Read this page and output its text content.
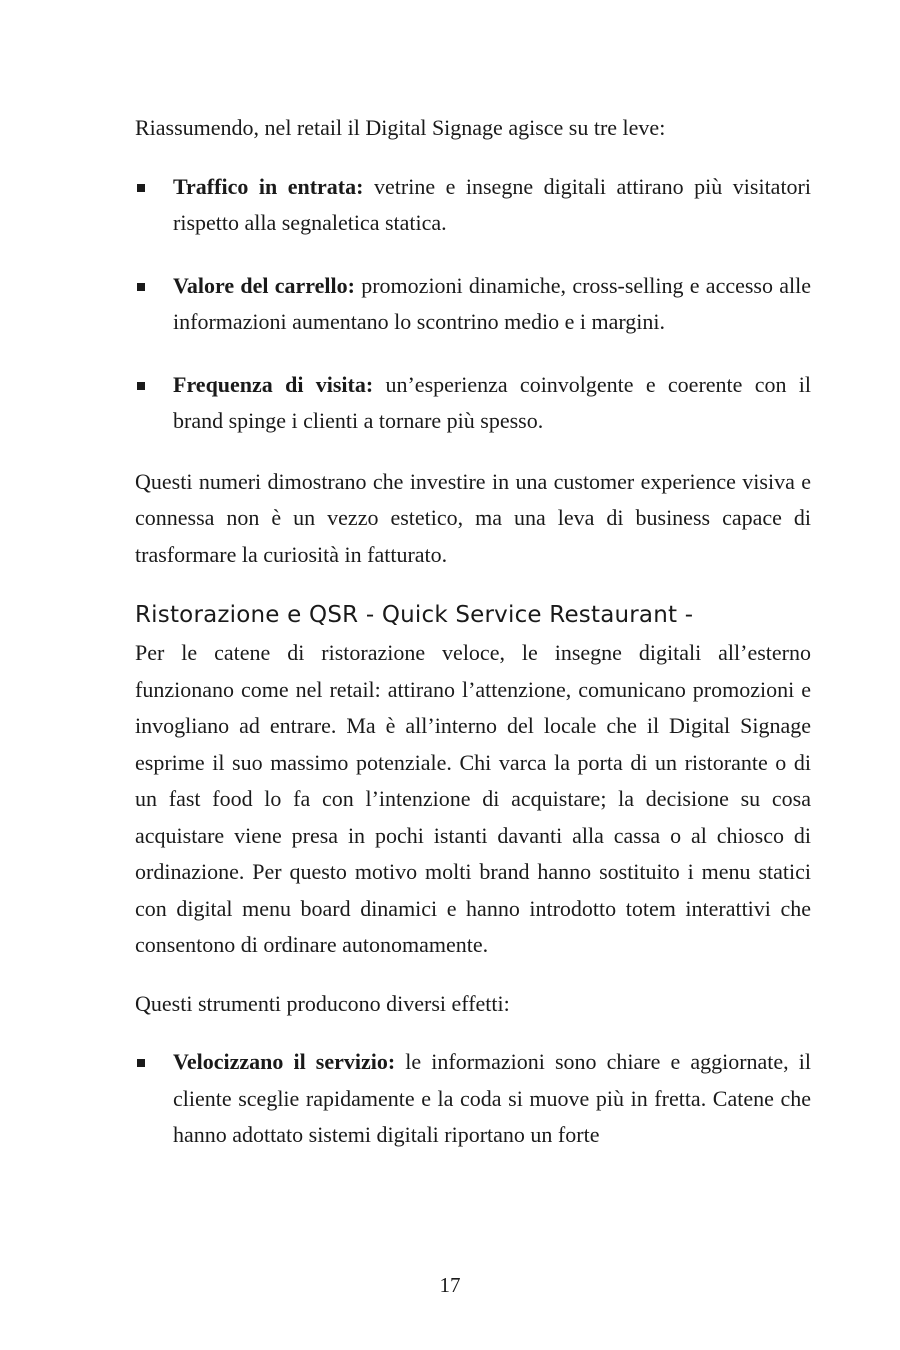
Riassumendo, nel retail il Digital Signage agisce su tre leve:

Traffico in entrata: vetrine e insegne digitali attirano più visitatori rispetto alla segnaletica statica.
Valore del carrello: promozioni dinamiche, cross-selling e accesso alle informazioni aumentano lo scontrino medio e i margini.
Frequenza di visita: un’esperienza coinvolgente e coerente con il brand spinge i clienti a tornare più spesso.

Questi numeri dimostrano che investire in una customer experience visiva e connessa non è un vezzo estetico, ma una leva di business capace di trasformare la curiosità in fatturato.

Ristorazione e QSR - Quick Service Restaurant -

Per le catene di ristorazione veloce, le insegne digitali all’esterno funzionano come nel retail: attirano l’attenzione, comunicano promozioni e invogliano ad entrare. Ma è all’interno del locale che il Digital Signage esprime il suo massimo potenziale. Chi varca la porta di un ristorante o di un fast food lo fa con l’intenzione di acquistare; la decisione su cosa acquistare viene presa in pochi istanti davanti alla cassa o al chiosco di ordinazione. Per questo motivo molti brand hanno sostituito i menu statici con digital menu board dinamici e hanno introdotto totem interattivi che consentono di ordinare autonomamente.

Questi strumenti producono diversi effetti:

Velocizzano il servizio: le informazioni sono chiare e aggiornate, il cliente sceglie rapidamente e la coda si muove più in fretta. Catene che hanno adottato sistemi digitali riportano un forte
17
